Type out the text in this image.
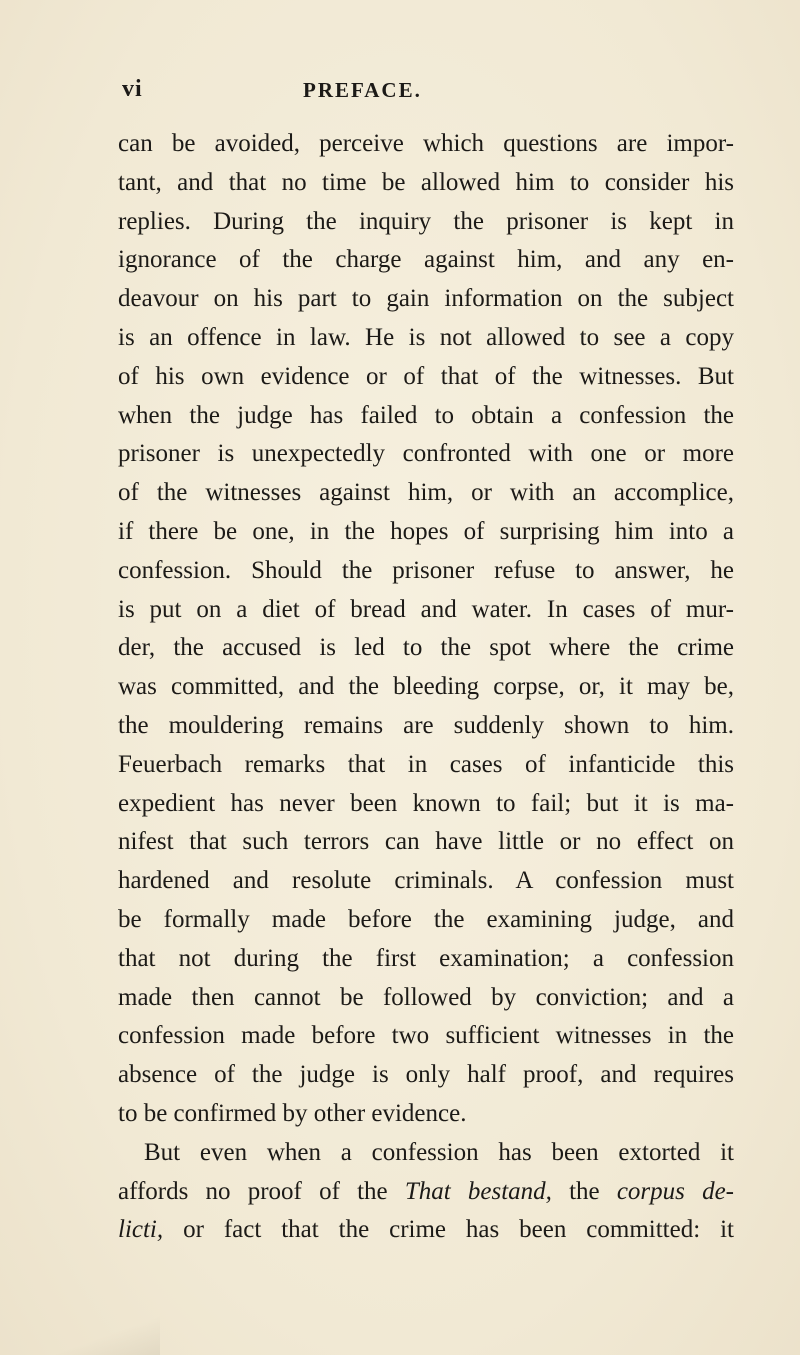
vi	PREFACE.
can be avoided, perceive which questions are impor-
tant, and that no time be allowed him to consider his
replies. During the inquiry the prisoner is kept in
ignorance of the charge against him, and any en-
deavour on his part to gain information on the subject
is an offence in law. He is not allowed to see a copy
of his own evidence or of that of the witnesses. But
when the judge has failed to obtain a confession the
prisoner is unexpectedly confronted with one or more
of the witnesses against him, or with an accomplice,
if there be one, in the hopes of surprising him into a
confession. Should the prisoner refuse to answer, he
is put on a diet of bread and water. In cases of mur-
der, the accused is led to the spot where the crime
was committed, and the bleeding corpse, or, it may be,
the mouldering remains are suddenly shown to him.
Feuerbach remarks that in cases of infanticide this
expedient has never been known to fail; but it is ma-
nifest that such terrors can have little or no effect on
hardened and resolute criminals. A confession must
be formally made before the examining judge, and
that not during the first examination; a confession
made then cannot be followed by conviction; and a
confession made before two sufficient witnesses in the
absence of the judge is only half proof, and requires
to be confirmed by other evidence.
But even when a confession has been extorted it
affords no proof of the That bestand, the corpus de-
licti, or fact that the crime has been committed: it
